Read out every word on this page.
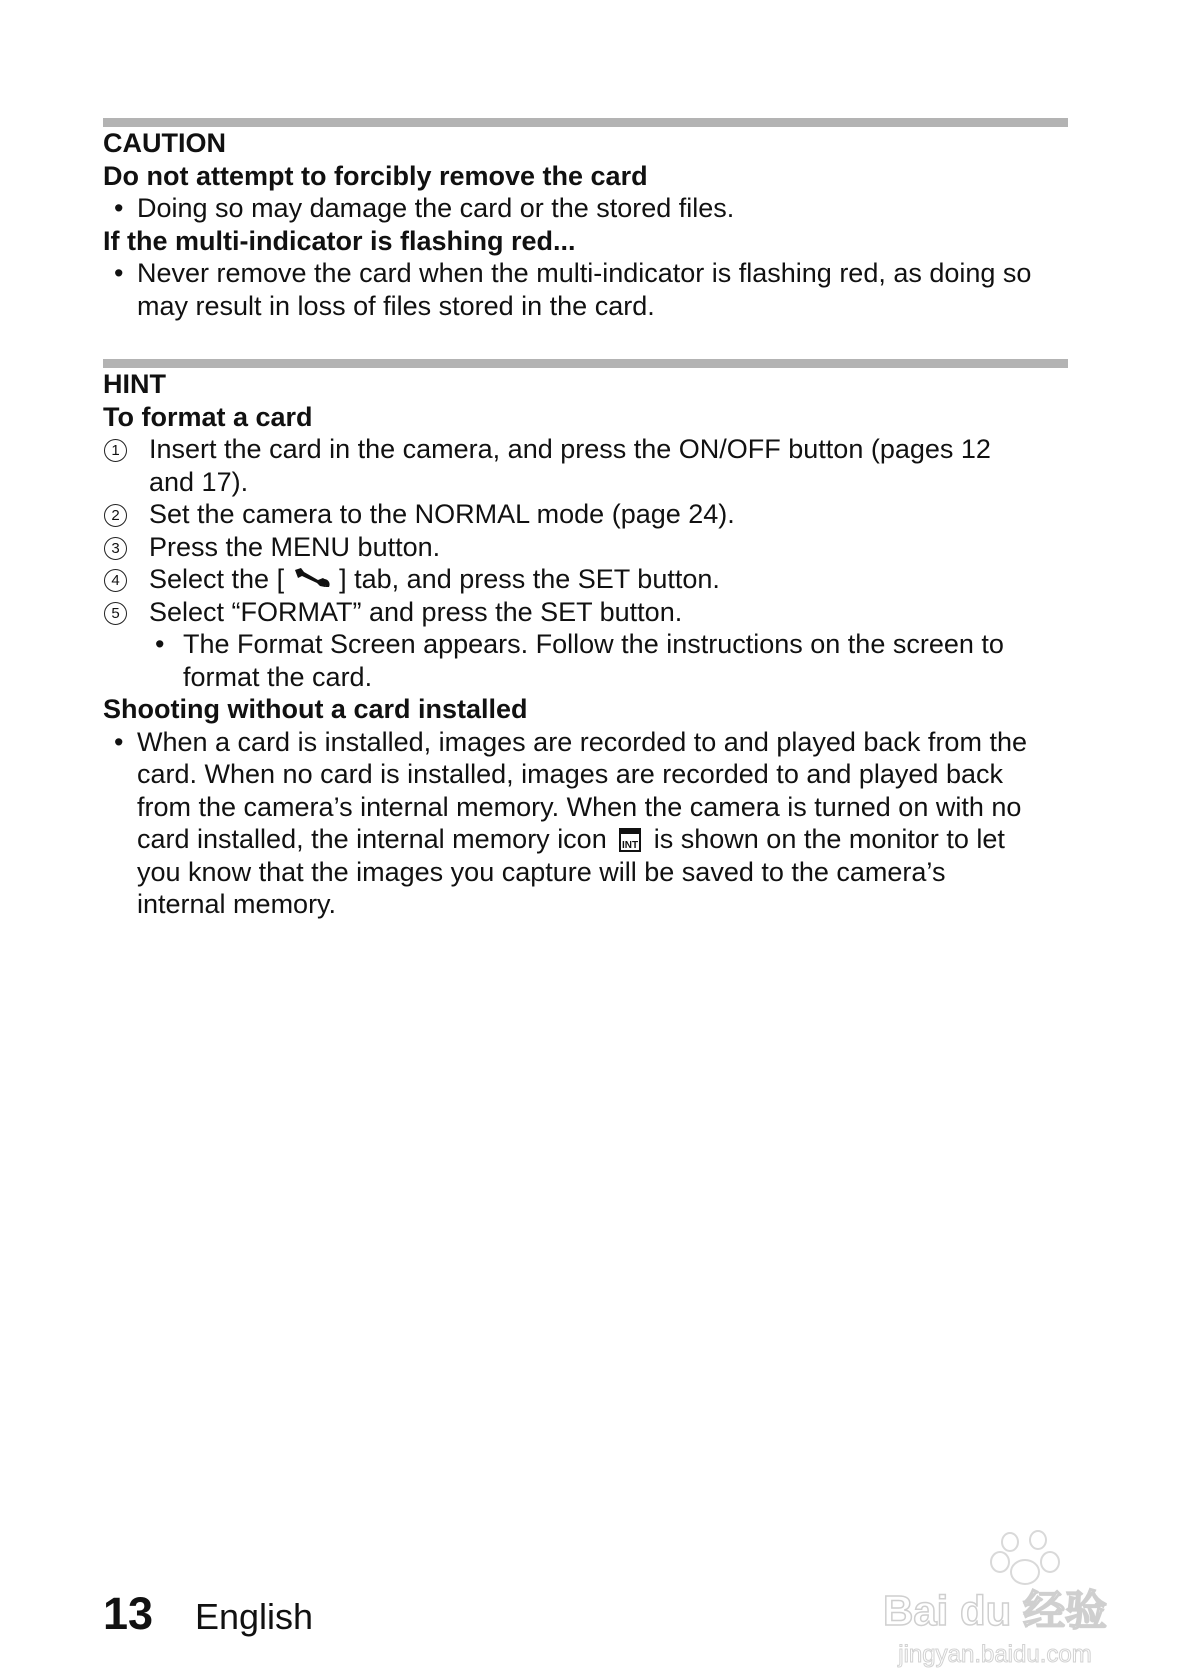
CAUTION
Do not attempt to forcibly remove the card
• Doing so may damage the card or the stored files.
If the multi-indicator is flashing red...
• Never remove the card when the multi-indicator is flashing red, as doing so
may result in loss of files stored in the card.
HINT
To format a card
1 Insert the card in the camera, and press the ON/OFF button (pages 12
and 17).
2 Set the camera to the NORMAL mode (page 24).
3 Press the MENU button.
4 Select the [ ] tab, and press the SET button.
5 Select “FORMAT” and press the SET button.
• The Format Screen appears. Follow the instructions on the screen to
format the card.
Shooting without a card installed
• When a card is installed, images are recorded to and played back from the
card. When no card is installed, images are recorded to and played back
from the camera’s internal memory. When the camera is turned on with no
card installed, the internal memory icon INT is shown on the monitor to let
you know that the images you capture will be saved to the camera’s
internal memory.
13 English	Bai du 经验
jingyan.baidu.com
